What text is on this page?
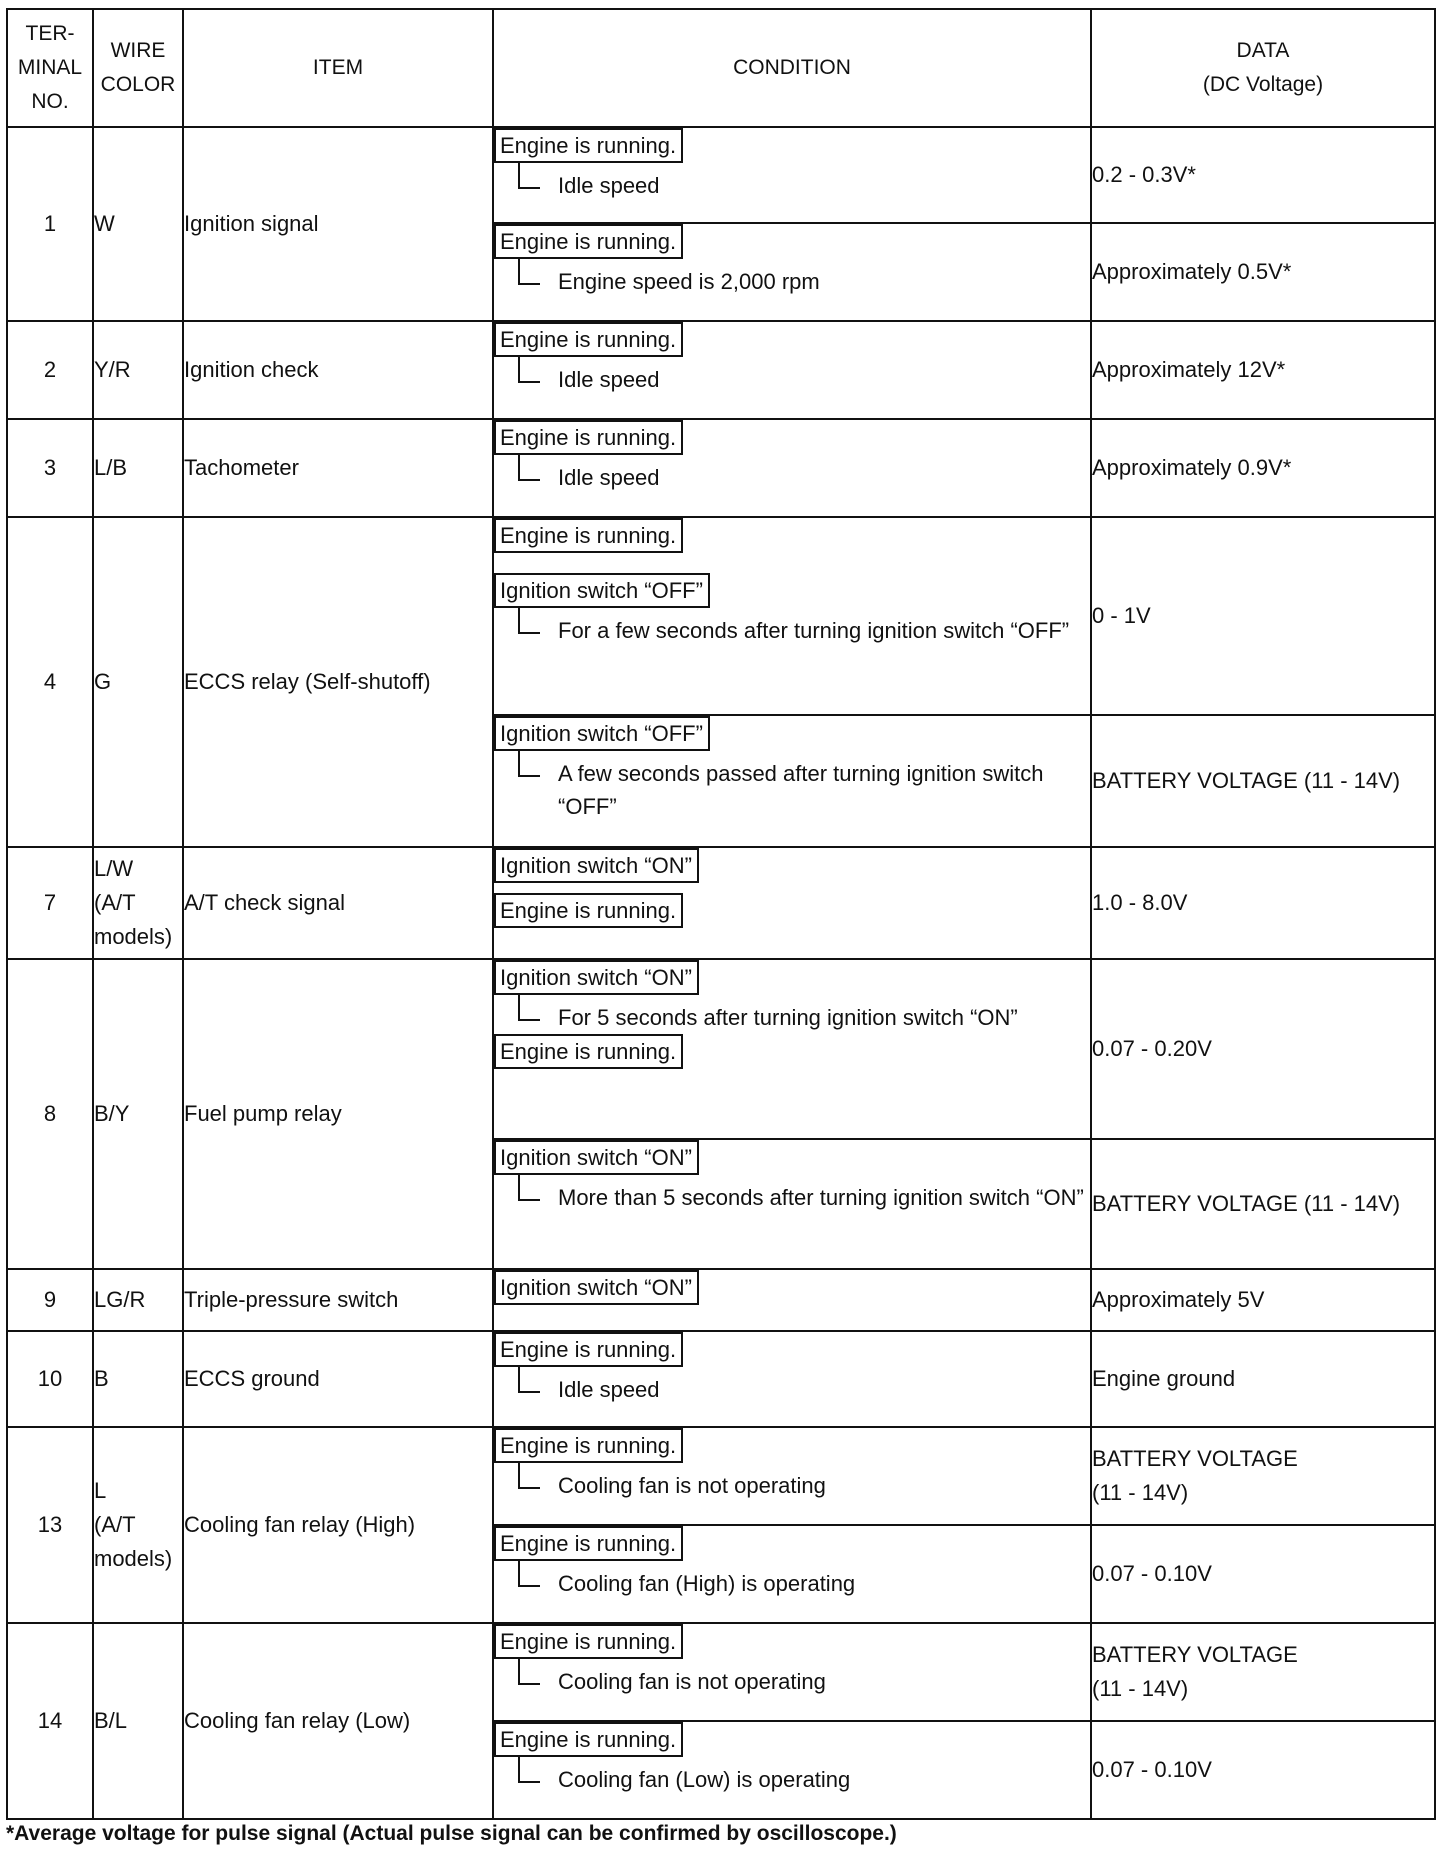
TER-
MINAL
NO.	WIRE
COLOR	ITEM	CONDITION	DATA
(DC Voltage)
1	W	Ignition signal	Engine is running.
Idle speed	0.2 - 0.3V*
			Engine is running.
Engine speed is 2,000 rpm	Approximately 0.5V*
2	Y/R	Ignition check	Engine is running.
Idle speed	Approximately 12V*
3	L/B	Tachometer	Engine is running.
Idle speed	Approximately 0.9V*
4	G	ECCS relay (Self-shutoff)	Engine is running.
Ignition switch “OFF”
For a few seconds after turning ignition switch “OFF”	0 - 1V
			Ignition switch “OFF”
A few seconds passed after turning ignition switch “OFF”	BATTERY VOLTAGE (11 - 14V)
7	L/W
(A/T
models)	A/T check signal	Ignition switch “ON”
Engine is running.	1.0 - 8.0V
8	B/Y	Fuel pump relay	Ignition switch “ON”
For 5 seconds after turning ignition switch “ON”
Engine is running.	0.07 - 0.20V
			Ignition switch “ON”
More than 5 seconds after turning ignition switch “ON”	BATTERY VOLTAGE (11 - 14V)
9	LG/R	Triple-pressure switch	Ignition switch “ON”	Approximately 5V
10	B	ECCS ground	Engine is running.
Idle speed	Engine ground
13	L
(A/T
models)	Cooling fan relay (High)	Engine is running.
Cooling fan is not operating	BATTERY VOLTAGE
(11 - 14V)
			Engine is running.
Cooling fan (High) is operating	0.07 - 0.10V
14	B/L	Cooling fan relay (Low)	Engine is running.
Cooling fan is not operating	BATTERY VOLTAGE
(11 - 14V)
			Engine is running.
Cooling fan (Low) is operating	0.07 - 0.10V
*Average voltage for pulse signal (Actual pulse signal can be confirmed by oscilloscope.)
